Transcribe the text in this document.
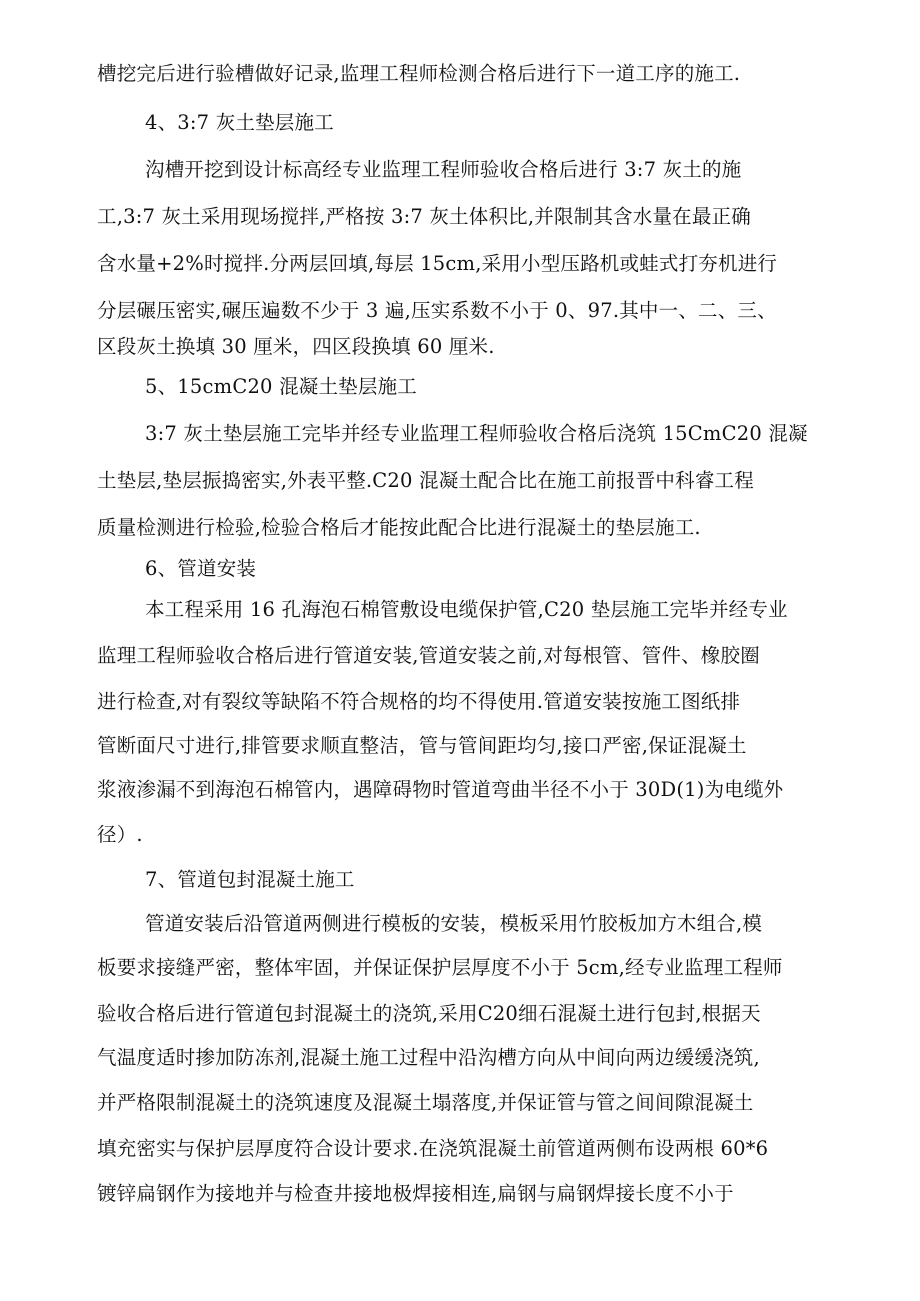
槽挖完后进行验槽做好记录,监理工程师检测合格后进行下一道工序的施工.
4、3:7 灰土垫层施工
沟槽开挖到设计标高经专业监理工程师验收合格后进行 3:7 灰土的施
工,3:7 灰土采用现场搅拌,严格按 3:7 灰土体积比,并限制其含水量在最正确
含水量+2%时搅拌.分两层回填,每层 15cm,采用小型压路机或蛙式打夯机进行
分层碾压密实,碾压遍数不少于 3 遍,压实系数不小于 0、97.其中一、二、三、
区段灰土换填 30 厘米，四区段换填 60 厘米.
5、15cmC20 混凝土垫层施工
3:7 灰土垫层施工完毕并经专业监理工程师验收合格后浇筑 15CmC20 混凝
土垫层,垫层振捣密实,外表平整.C20 混凝土配合比在施工前报晋中科睿工程
质量检测进行检验,检验合格后才能按此配合比进行混凝土的垫层施工.
6、管道安装
本工程采用 16 孔海泡石棉管敷设电缆保护管,C20 垫层施工完毕并经专业
监理工程师验收合格后进行管道安装,管道安装之前,对每根管、管件、橡胶圈
进行检查,对有裂纹等缺陷不符合规格的均不得使用.管道安装按施工图纸排
管断面尺寸进行,排管要求顺直整洁，管与管间距均匀,接口严密,保证混凝土
浆液渗漏不到海泡石棉管内，遇障碍物时管道弯曲半径不小于 30D(1)为电缆外
径）.
7、管道包封混凝土施工
管道安装后沿管道两侧进行模板的安装，模板采用竹胶板加方木组合,模
板要求接缝严密，整体牢固，并保证保护层厚度不小于 5cm,经专业监理工程师
验收合格后进行管道包封混凝土的浇筑,采用C20细石混凝土进行包封,根据天
气温度适时掺加防冻剂,混凝土施工过程中沿沟槽方向从中间向两边缓缓浇筑,
并严格限制混凝土的浇筑速度及混凝土塌落度,并保证管与管之间间隙混凝土
填充密实与保护层厚度符合设计要求.在浇筑混凝土前管道两侧布设两根 60*6
镀锌扁钢作为接地并与检查井接地极焊接相连,扁钢与扁钢焊接长度不小于
